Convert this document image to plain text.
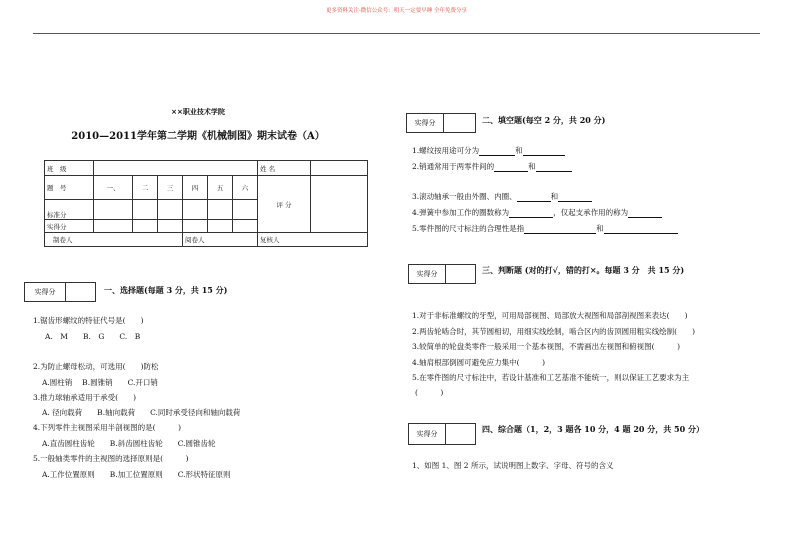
更多资料关注-微信公众号：明天一定要早睡 全年免费分享
××职业技术学院
2010—2011学年第二学期《机械制图》期末试卷（A）
班　级							姓 名	
题　号	一、	二	三	四	五	六	评 分	
标准分								
实得分								
制卷人				阅卷人			复核人	
实得分	一、选择题(每题 3 分，共 15 分)
1.锯齿形螺纹的特征代号是(　　)
A.　M　　B.　G　　C.　B
2.为防止螺母松动，可选用(　　)防松
A.圆柱销　 B.圆锥销　　C.开口销
3.推力球轴承适用于承受(　　)
A. 径向载荷　　B.轴向载荷　　C.同时承受径向和轴向载荷
4.下列零件主视图采用半剖视图的是(　　　)
A.直齿圆柱齿轮　　B.斜齿圆柱齿轮　　C.圆锥齿轮
5.一般轴类零件的主视图的选择原则是(　　　)
A.工作位置原则　　B.加工位置原则　　C.形状特征原则
实得分	二、填空题(每空 2 分，共 20 分)
1.螺纹按用途可分为	和
2.销通常用于两零件间的	和
3.滚动轴承一般由外圈、内圈、	和
4.弹簧中参加工作的圈数称为	，仅起支承作用的称为
5.零件图的尺寸标注的合理性是指	和
实得分	三、判断题 (对的打√，错的打×。每题 3 分　共 15 分)
1.对于非标准螺纹的牙型，可用局部视图、局部放大视图和局部剖视图来表达(　　)
2.两齿轮啮合时，其节圆相切，用细实线绘制，啮合区内的齿顶圆用粗实线绘制(　　)
3.较简单的轮盘类零件一般采用一个基本视图，不需画出左视图和俯视图(　　　)
4.轴肩根部倒圆可避免应力集中(　　　)
5.在零件图的尺寸标注中，若设计基准和工艺基准不能统一，则以保证工艺要求为主
(　　　)
实得分	四、综合题（1，2，3 题各 10 分，4 题 20 分，共 50 分）
1、如图 1、图 2 所示，试说明图上数字、字母、符号的含义
